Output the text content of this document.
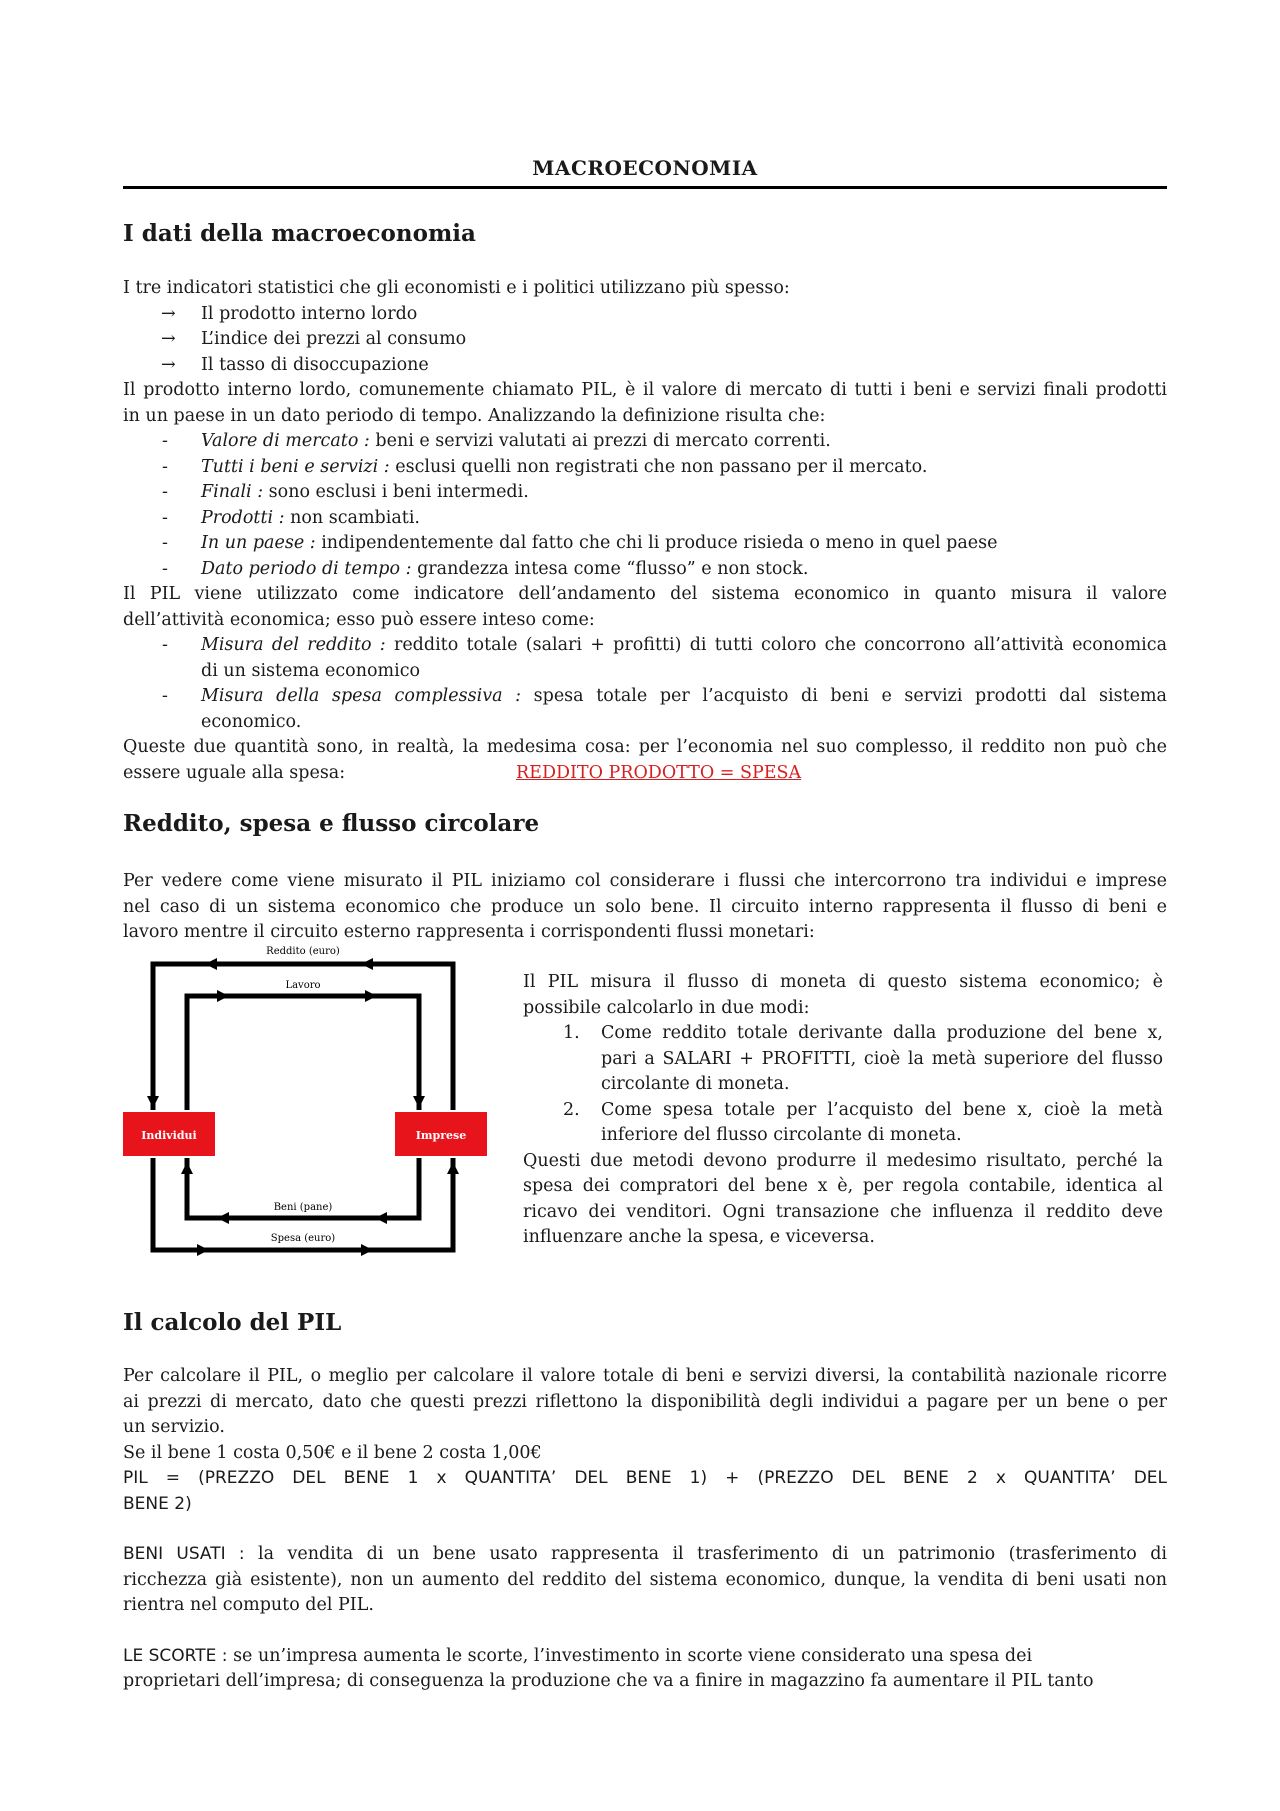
MACROECONOMIA
I dati della macroeconomia

I tre indicatori statistici che gli economisti e i politici utilizzano più spesso:

→ Il prodotto interno lordo
→ L’indice dei prezzi al consumo
→ Il tasso di disoccupazione

Il prodotto interno lordo, comunemente chiamato PIL, è il valore di mercato di tutti i beni e servizi finali prodotti

in un paese in un dato periodo di tempo. Analizzando la definizione risulta che:

- Valore di mercato : beni e servizi valutati ai prezzi di mercato correnti.
- Tutti i beni e servizi : esclusi quelli non registrati che non passano per il mercato.
- Finali : sono esclusi i beni intermedi.
- Prodotti : non scambiati.
- In un paese : indipendentemente dal fatto che chi li produce risieda o meno in quel paese
- Dato periodo di tempo : grandezza intesa come “flusso” e non stock.

Il PIL viene utilizzato come indicatore dell’andamento del sistema economico in quanto misura il valore

dell’attività economica; esso può essere inteso come:

- Misura del reddito : reddito totale (salari + profitti) di tutti coloro che concorrono all’attività economica
di un sistema economico
- Misura della spesa complessiva : spesa totale per l’acquisto di beni e servizi prodotti dal sistema
economico.

Queste due quantità sono, in realtà, la medesima cosa: per l’economia nel suo complesso, il reddito non può che

essere uguale alla spesa:	REDDITO PRODOTTO = SPESA

Reddito, spesa e flusso circolare

Per vedere come viene misurato il PIL iniziamo col considerare i flussi che intercorrono tra individui e imprese

nel caso di un sistema economico che produce un solo bene. Il circuito interno rappresenta il flusso di beni e

lavoro mentre il circuito esterno rappresenta i corrispondenti flussi monetari:

Individui	Imprese
Reddito (euro)
Lavoro
Beni (pane)
Spesa (euro)

Il PIL misura il flusso di moneta di questo sistema economico; è

possibile calcolarlo in due modi:

1. Come reddito totale derivante dalla produzione del bene x,
pari a SALARI + PROFITTI, cioè la metà superiore del flusso
circolante di moneta.
2. Come spesa totale per l’acquisto del bene x, cioè la metà
inferiore del flusso circolante di moneta.

Questi due metodi devono produrre il medesimo risultato, perché la

spesa dei compratori del bene x è, per regola contabile, identica al

ricavo dei venditori. Ogni transazione che influenza il reddito deve

influenzare anche la spesa, e viceversa.

Il calcolo del PIL

Per calcolare il PIL, o meglio per calcolare il valore totale di beni e servizi diversi, la contabilità nazionale ricorre

ai prezzi di mercato, dato che questi prezzi riflettono la disponibilità degli individui a pagare per un bene o per

un servizio.

Se il bene 1 costa 0,50€ e il bene 2 costa 1,00€

PIL = (PREZZO DEL BENE 1 x QUANTITA’ DEL BENE 1) + (PREZZO DEL BENE 2 x QUANTITA’ DEL

BENE 2)

BENI USATI : la vendita di un bene usato rappresenta il trasferimento di un patrimonio (trasferimento di

ricchezza già esistente), non un aumento del reddito del sistema economico, dunque, la vendita di beni usati non

rientra nel computo del PIL.

LE SCORTE : se un’impresa aumenta le scorte, l’investimento in scorte viene considerato una spesa dei

proprietari dell’impresa; di conseguenza la produzione che va a finire in magazzino fa aumentare il PIL tanto
